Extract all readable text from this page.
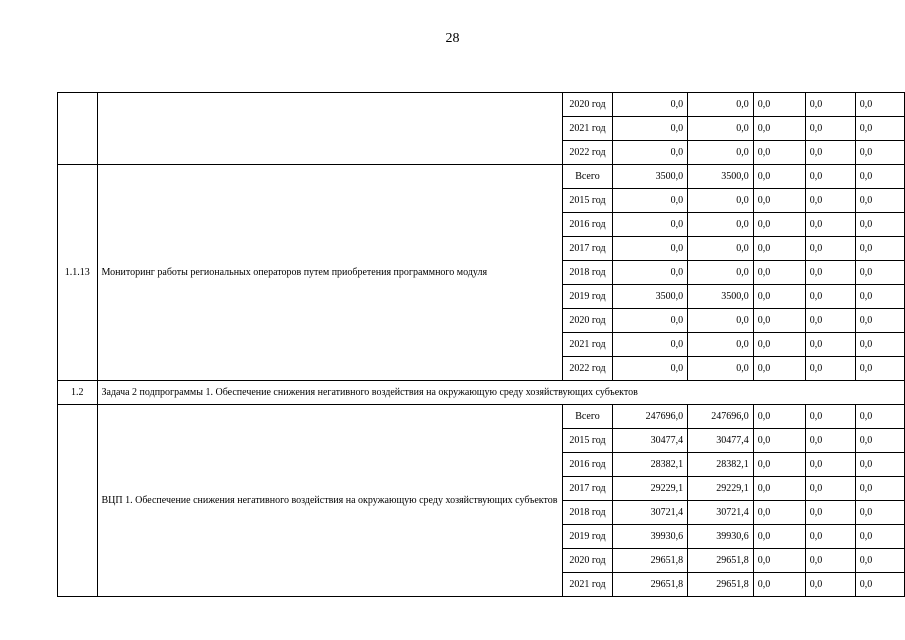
28
		2020 год	0,0	0,0	0,0	0,0	0,0
		2021 год	0,0	0,0	0,0	0,0	0,0
		2022 год	0,0	0,0	0,0	0,0	0,0
1.1.13	Мониторинг работы региональных операторов путем приобретения программного модуля	Всего	3500,0	3500,0	0,0	0,0	0,0
		2015 год	0,0	0,0	0,0	0,0	0,0
		2016 год	0,0	0,0	0,0	0,0	0,0
		2017 год	0,0	0,0	0,0	0,0	0,0
		2018 год	0,0	0,0	0,0	0,0	0,0
		2019 год	3500,0	3500,0	0,0	0,0	0,0
		2020 год	0,0	0,0	0,0	0,0	0,0
		2021 год	0,0	0,0	0,0	0,0	0,0
		2022 год	0,0	0,0	0,0	0,0	0,0
1.2	Задача 2 подпрограммы 1. Обеспечение снижения негативного воздействия на окружающую среду хозяйствующих субъектов						
	ВЦП 1. Обеспечение снижения негативного воздействия на окружающую среду хозяйствующих субъектов	Всего	247696,0	247696,0	0,0	0,0	0,0
		2015 год	30477,4	30477,4	0,0	0,0	0,0
		2016 год	28382,1	28382,1	0,0	0,0	0,0
		2017 год	29229,1	29229,1	0,0	0,0	0,0
		2018 год	30721,4	30721,4	0,0	0,0	0,0
		2019 год	39930,6	39930,6	0,0	0,0	0,0
		2020 год	29651,8	29651,8	0,0	0,0	0,0
		2021 год	29651,8	29651,8	0,0	0,0	0,0
